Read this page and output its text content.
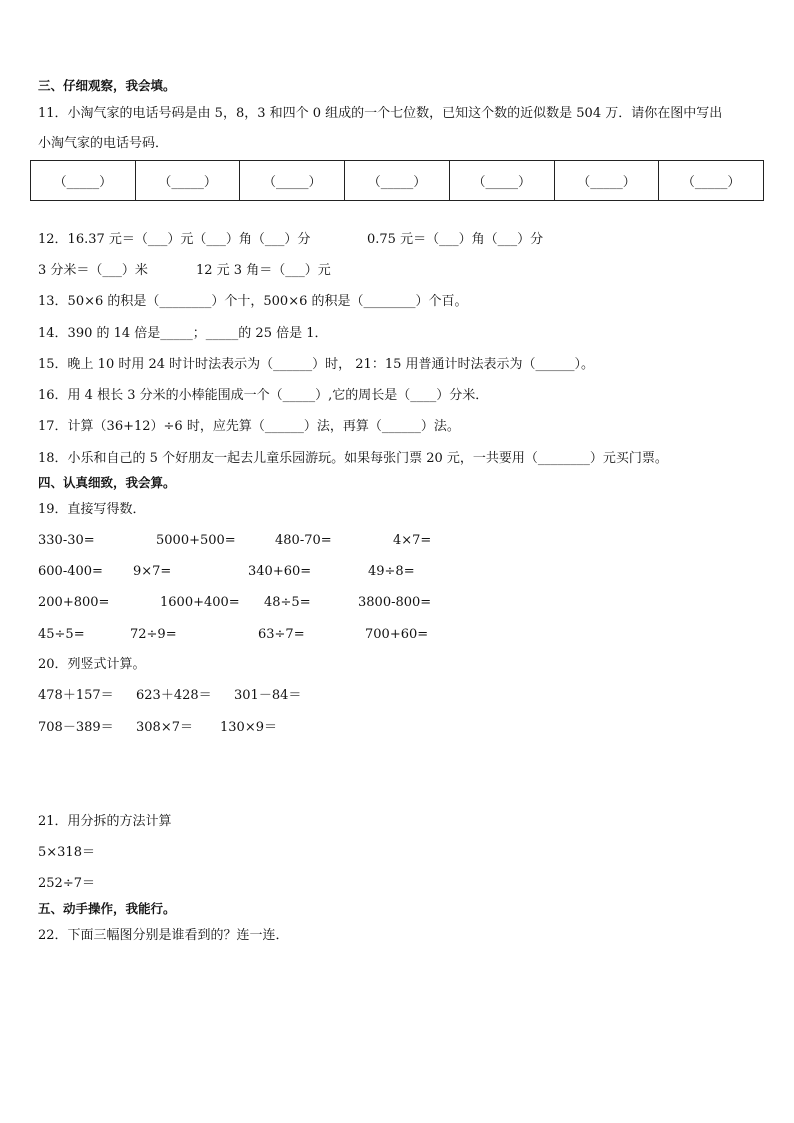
三、仔细观察，我会填。
11．小淘气家的电话号码是由 5，8，3 和四个 0 组成的一个七位数，已知这个数的近似数是 504 万．请你在图中写出
小淘气家的电话号码．
（_____）	（_____）	（_____）	（_____）	（_____）	（_____）	（_____）
12．16.37 元＝（___）元（___）角（___）分	0.75 元＝（___）角（___）分
3 分米＝（___）米	12 元 3 角＝（___）元
13．50×6 的积是（________）个十，500×6 的积是（________）个百。
14．390 的 14 倍是_____；_____的 25 倍是 1．
15．晚上 10 时用 24 时计时法表示为（______）时， 21：15 用普通计时法表示为（______）。
16．用 4 根长 3 分米的小棒能围成一个（_____）,它的周长是（____）分米．
17．计算（36+12）÷6 时，应先算（______）法，再算（______）法。
18．小乐和自己的 5 个好朋友一起去儿童乐园游玩。如果每张门票 20 元，一共要用（________）元买门票。
四、认真细致，我会算。
19．直接写得数．
330-30=	5000+500=	480-70=	4×7=
600-400= 9×7=	340+60=	49÷8=
200+800=	1600+400= 48÷5=	3800-800=
45÷5=	72÷9=	63÷7=	700+60=
20．列竖式计算。
478＋157＝ 623＋428＝ 301－84＝
708－389＝ 308×7＝ 130×9＝
21．用分拆的方法计算
5×318＝
252÷7＝
五、动手操作，我能行。
22．下面三幅图分别是谁看到的？连一连．
